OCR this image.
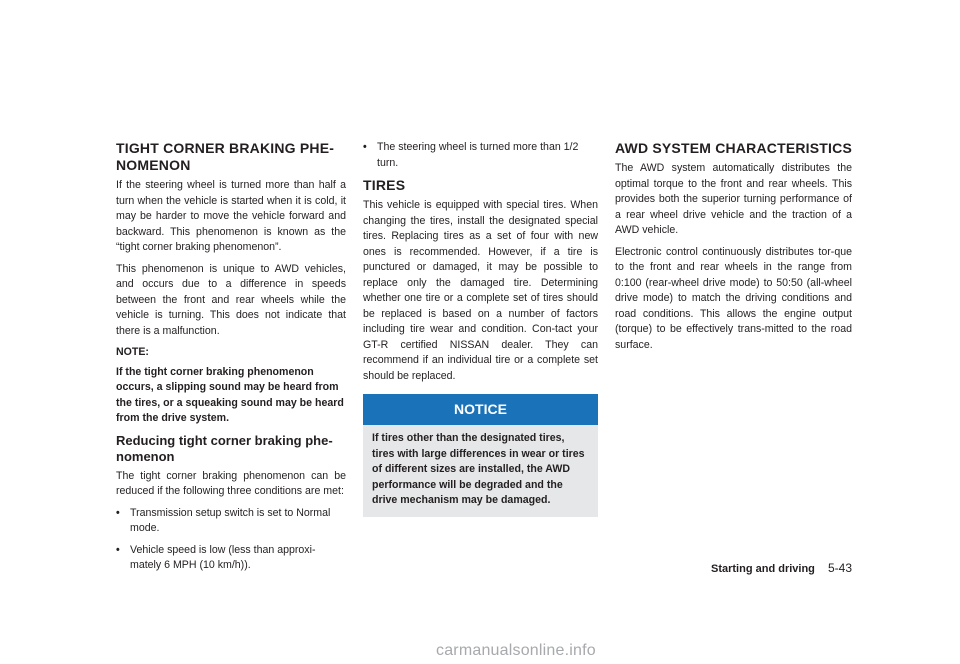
TIGHT CORNER BRAKING PHE-NOMENON

If the steering wheel is turned more than half a turn when the vehicle is started when it is cold, it may be harder to move the vehicle forward and backward. This phenomenon is known as the “tight corner braking phenomenon”.

This phenomenon is unique to AWD vehicles, and occurs due to a difference in speeds between the front and rear wheels while the vehicle is turning. This does not indicate that there is a malfunction.

NOTE:

If the tight corner braking phenomenon occurs, a slipping sound may be heard from the tires, or a squeaking sound may be heard from the drive system.

Reducing tight corner braking phe-nomenon

The tight corner braking phenomenon can be reduced if the following three conditions are met:

• Transmission setup switch is set to Normal mode.
• Vehicle speed is low (less than approxi-mately 6 MPH (10 km/h)).
• The steering wheel is turned more than 1/2 turn.
TIRES

This vehicle is equipped with special tires. When changing the tires, install the designated special tires. Replacing tires as a set of four with new ones is recommended. However, if a tire is punctured or damaged, it may be possible to replace only the damaged tire. Determining whether one tire or a complete set of tires should be replaced is based on a number of factors including tire wear and condition. Con-tact your GT-R certified NISSAN dealer. They can recommend if an individual tire or a complete set should be replaced.

NOTICE
If tires other than the designated tires, tires with large differences in wear or tires of different sizes are installed, the AWD performance will be degraded and the drive mechanism may be damaged.
AWD SYSTEM CHARACTERISTICS

The AWD system automatically distributes the optimal torque to the front and rear wheels. This provides both the superior turning performance of a rear wheel drive vehicle and the traction of a AWD vehicle.

Electronic control continuously distributes tor-que to the front and rear wheels in the range from 0:100 (rear-wheel drive mode) to 50:50 (all-wheel drive mode) to match the driving conditions and road conditions. This allows the engine output (torque) to be effectively trans-mitted to the road surface.

Starting and driving 5-43
carmanualsonline.info
